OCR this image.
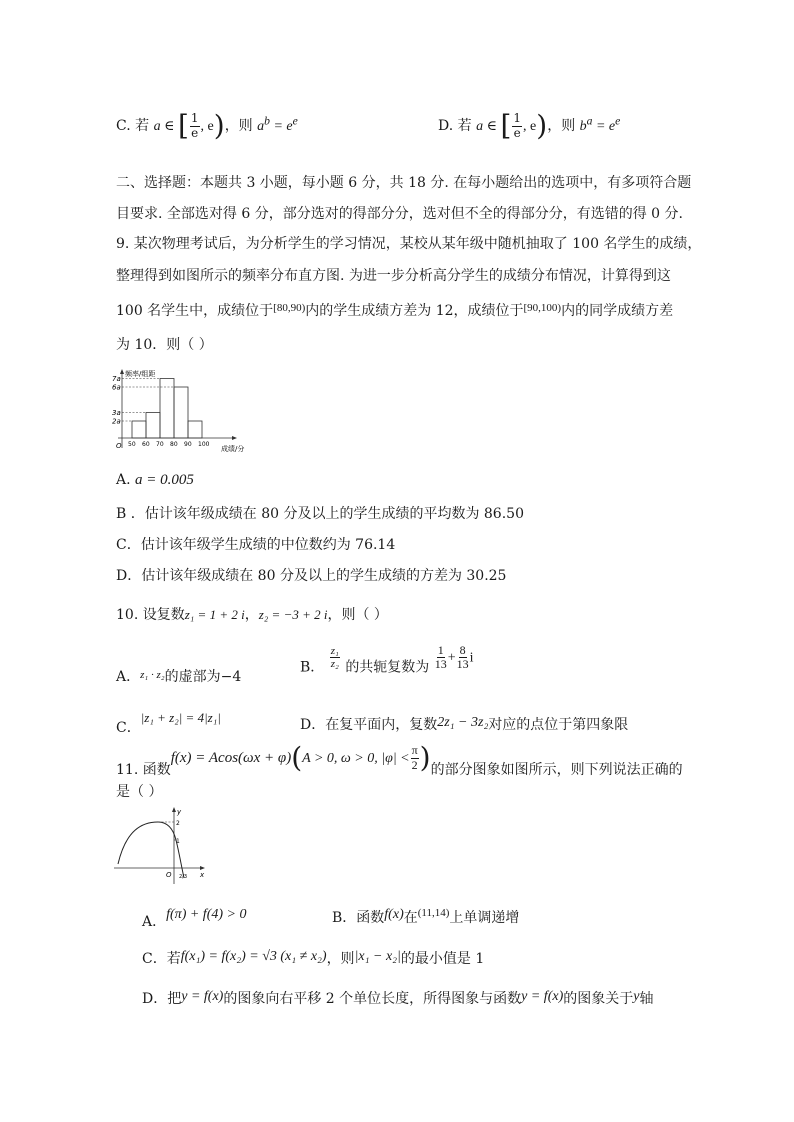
C. 若 a ∈ [ $\frac{1}{e}$ , e)，则 $a^b = e^e$	D. 若 a ∈ [ $\frac{1}{e}$ , e)，则 $b^a = e^e$
二、选择题：本题共 3 小题，每小题 6 分，共 18 分. 在每小题给出的选项中，有多项符合题
目要求. 全部选对得 6 分，部分选对的得部分分，选对但不全的得部分分，有选错的得 0 分.
9. 某次物理考试后，为分析学生的学习情况，某校从某年级中随机抽取了 100 名学生的成绩，
整理得到如图所示的频率分布直方图. 为进一步分析高分学生的成绩分布情况，计算得到这
100 名学生中，成绩位于$^{[80,90)}$内的学生成绩方差为 12，成绩位于$^{[90,100)}$内的同学成绩方差
为 10．则（ ）
频率/组距
成绩/分
O
7a
6a
3a
2a
50 60 70 80 90 100
A. a = 0.005
B ．估计该年级成绩在 80 分及以上的学生成绩的平均数为 86.50
C．估计该年级学生成绩的中位数约为 76.14
D．估计该年级成绩在 80 分及以上的学生成绩的方差为 30.25
10. 设复数z₁ = 1 + 2 i，z₂ = −3 + 2 i，则（ ）
A．$^{z_1 \cdot z_2}$的虚部为−4
B． $\frac{\text{z₁}}{\text{z₂}}$ 的共轭复数为 $\frac{1}{13} + \frac{8}{13}$ i
C．|z₁ + z₂| = 4|z₁|	D．在复平面内，复数2z₁ − 3z₂对应的点位于第四象限
11. 函数f(x) = Acos(ωx + φ)(A > 0, ω > 0, $|\varphi| < \frac{\pi}{2}$ )的部分图象如图所示，则下列说法正确的
是（ ）
y
x
O
2
1
2/3
A．f(π) + f(4) > 0	B．函数f(x)在$^{(11,14)}$上单调递增
C．若f(x₁) = f(x₂) = √3 (x₁ ≠ x₂)，则|x₁ − x₂|的最小值是 1
D．把y = f(x)的图象向右平移 2 个单位长度，所得图象与函数y = f(x)的图象关于y轴
